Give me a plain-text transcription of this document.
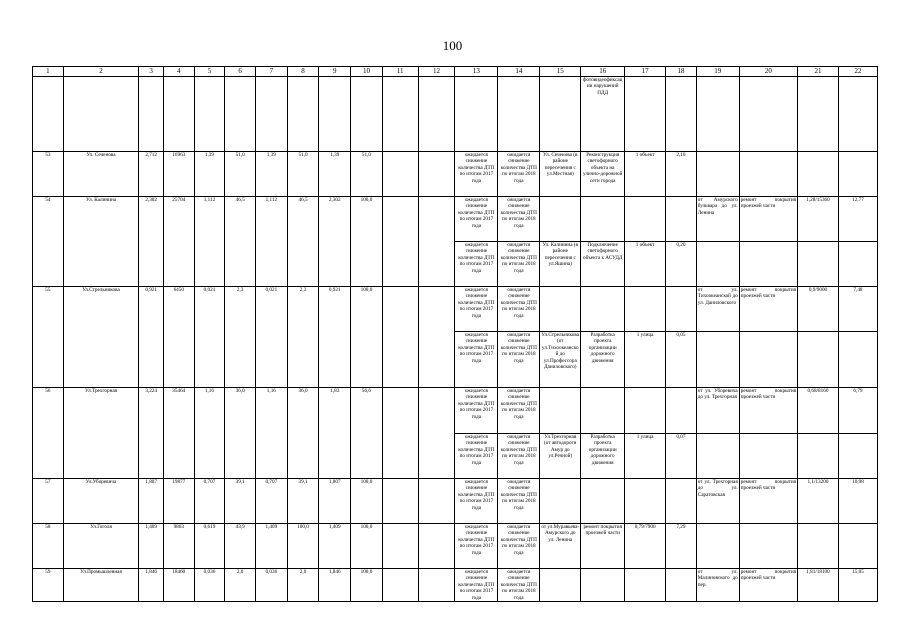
100
1	2	3	4	5	6	7	8	9	10	11	12	13	14	15	16	17	18	19	20	21	22
															фотовидеофиксации нарушений ПДД						
53	Ул. Сеченова	2,712	16963	1,39	51,0	1,39	51,0	1,39	51,0			ожидается снижение количества ДТП по итогам 2017 года	ожидается снижение количества ДТП по итогам 2018 года	Ул. Сеченова (в районе пересечения с ул.Местная)	Реконструкция светофорного объекта на улично-дорожной сети города	1 объект	2,10				
54	Ул. Калинина	2,302	25704	1,112	46,5	1,112	46,5	2,302	100,0			ожидается снижение количества ДТП по итогам 2017 года	ожидается снижение количества ДТП по итогам 2018 года					от Амурского бульвара до ул. Ленина	ремонт покрытия проезжей части	1,28/15360	12,77
												ожидается снижение количества ДТП по итогам 2017 года	ожидается снижение количества ДТП по итогам 2018 года	Ул. Калинина (в районе пересечения с ул.Яшина)	Подключение светофорного объекта к АСУДД	1 объект	0,20				
55	Ул.Стрельникова	0,921	6450	0,021	2,3	0,021	2,3	0,921	100,0			ожидается снижение количества ДТП по итогам 2017 года	ожидается снижение количества ДТП по итогам 2018 года					от ул. Тихоокеанской до ул. Даниловского	ремонт покрытия проезжей части	0,9/9000	7,48
												ожидается снижение количества ДТП по итогам 2017 года	ожидается снижение количества ДТП по итогам 2018 года	Ул.Стрельникова (от ул.Тихоокеанской до ул.Профессора Даниловского)	Разработка проекта организации дорожного движения	1 улица	0,05				
56	Ул.Трехгорная	3,224	35464	1,16	36,0	1,16	36,0	1,83	56,6			ожидается снижение количества ДТП по итогам 2017 года	ожидается снижение количества ДТП по итогам 2018 года					от ул. Уборевича до ул. Трехгорная	ремонт покрытия проезжей части	0,68/8160	6,79
												ожидается снижение количества ДТП по итогам 2017 года	ожидается снижение количества ДТП по итогам 2018 года	Ул.Трехгорная (от автодороги Амур до ул.Речной)	Разработка проекта организации дорожного движения	1 улица	0,07				
57	Ул.Уборевича	1,807	19877	0,707	39,1	0,707	39,1	1,807	100,0			ожидается снижение количества ДТП по итогам 2017 года	ожидается снижение количества ДТП по итогам 2018 года					от ул. Трехгорная до ул. Саратовская	ремонт покрытия проезжей части	1,1/13200	10,98
58	Ул.Гоголя	1,409	9863	0,619	43,9	1,409	100,0	1,409	100,0			ожидается снижение количества ДТП по итогам 2017 года	ожидается снижение количества ДТП по итогам 2018 года	от ул.Муравьева-Амурского до ул. Ленина	ремонт покрытия проезжей части	0,79/7900	7,29				
59	Ул.Промышленная	1,846	18460	0,036	2,0	0,036	2,0	1,846	100,0			ожидается снижение количества ДТП по итогам 2017 года	ожидается снижение количества ДТП по итогам 2018 года					от ул. Малиновского до пер.	ремонт покрытия проезжей части	1,81/18100	15,05
